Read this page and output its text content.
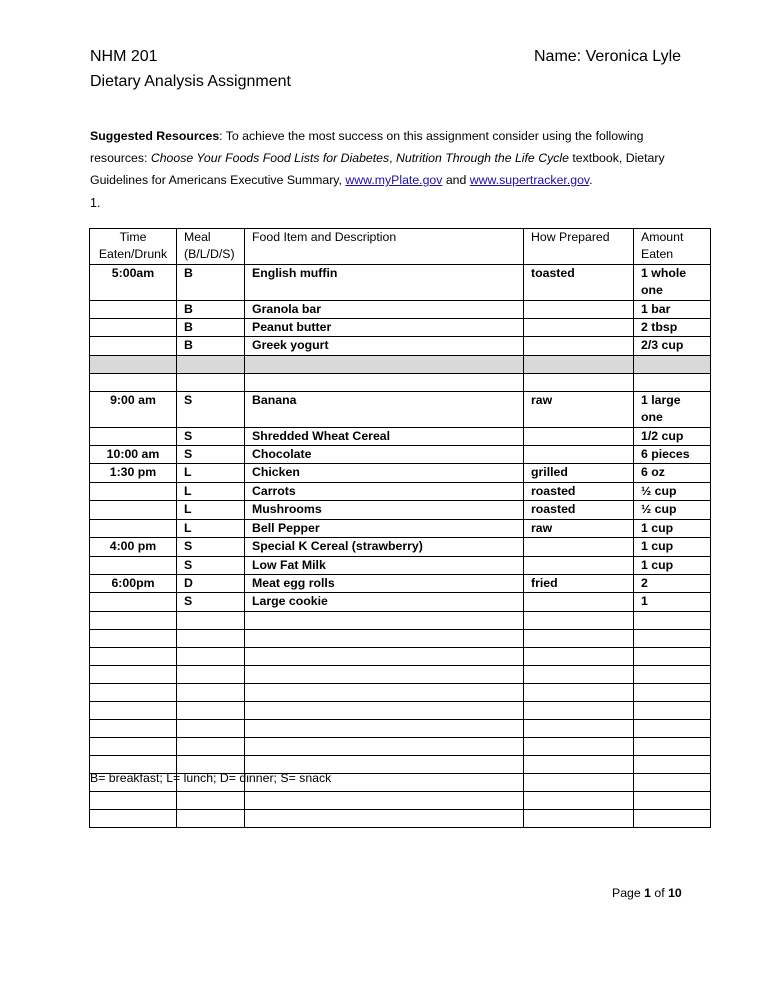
NHM 201	Name: Veronica Lyle
Dietary Analysis Assignment
Suggested Resources: To achieve the most success on this assignment consider using the following resources: Choose Your Foods Food Lists for Diabetes, Nutrition Through the Life Cycle textbook, Dietary Guidelines for Americans Executive Summary, www.myPlate.gov and www.supertracker.gov.
1.
Time Eaten/Drunk	Meal (B/L/D/S)	Food Item and Description	How Prepared	Amount Eaten
5:00am	B	English muffin	toasted	1 whole one
	B	Granola bar		1 bar
	B	Peanut butter		2 tbsp
	B	Greek yogurt		2/3 cup

9:00 am	S	Banana	raw	1 large one
	S	Shredded Wheat Cereal		1/2 cup
10:00 am	S	Chocolate		6 pieces
1:30 pm	L	Chicken	grilled	6 oz
	L	Carrots	roasted	½ cup
	L	Mushrooms	roasted	½ cup
	L	Bell Pepper	raw	1 cup
4:00 pm	S	Special K Cereal (strawberry)		1 cup
	S	Low Fat Milk		1 cup
6:00pm	D	Meat egg rolls	fried	2
	S	Large cookie		1

B= breakfast; L= lunch; D= dinner; S= snack
Page 1 of 10
